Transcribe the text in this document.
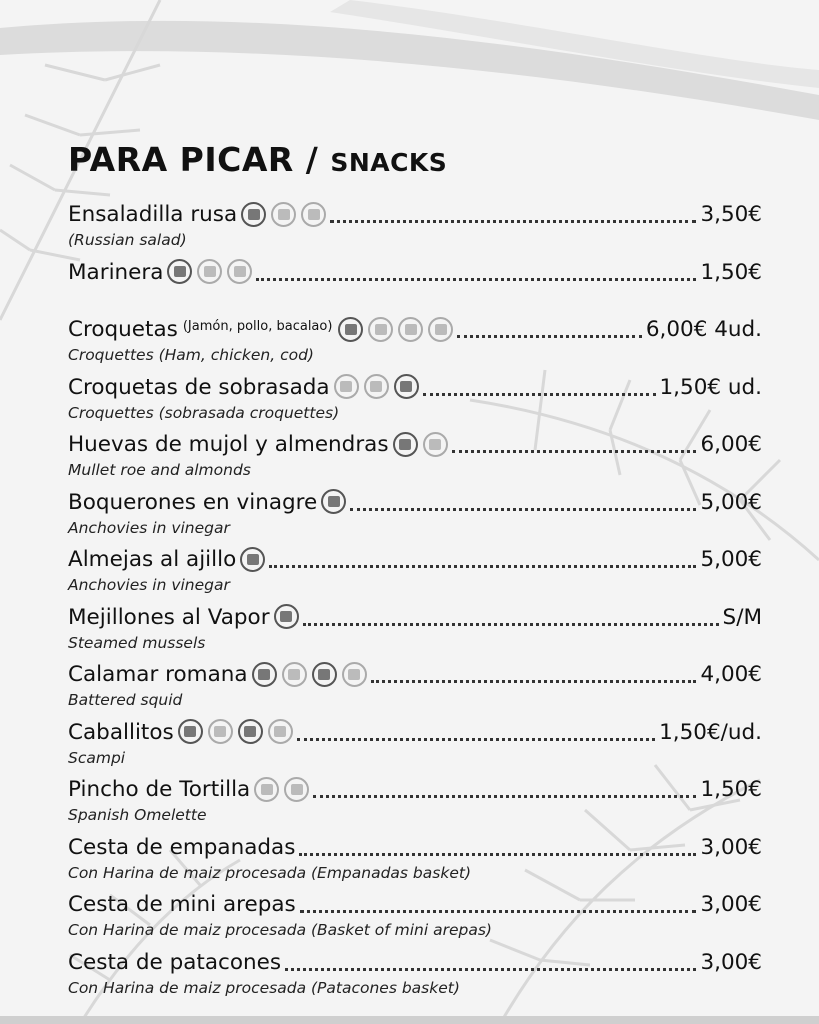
PARA PICAR / SNACKS
Ensaladilla rusa	3,50€
(Russian salad)
Marinera	1,50€
Croquetas (Jamón, pollo, bacalao)	6,00€ 4ud.
Croquettes (Ham, chicken, cod)
Croquetas de sobrasada	1,50€ ud.
Croquettes (sobrasada croquettes)
Huevas de mujol y almendras	6,00€
Mullet roe and almonds
Boquerones en vinagre	5,00€
Anchovies in vinegar
Almejas al ajillo	5,00€
Anchovies in vinegar
Mejillones al Vapor	S/M
Steamed mussels
Calamar romana	4,00€
Battered squid
Caballitos	1,50€/ud.
Scampi
Pincho de Tortilla	1,50€
Spanish Omelette
Cesta de empanadas	3,00€
Con Harina de maiz procesada (Empanadas basket)
Cesta de mini arepas	3,00€
Con Harina de maiz procesada (Basket of mini arepas)
Cesta de patacones	3,00€
Con Harina de maiz procesada (Patacones basket)
